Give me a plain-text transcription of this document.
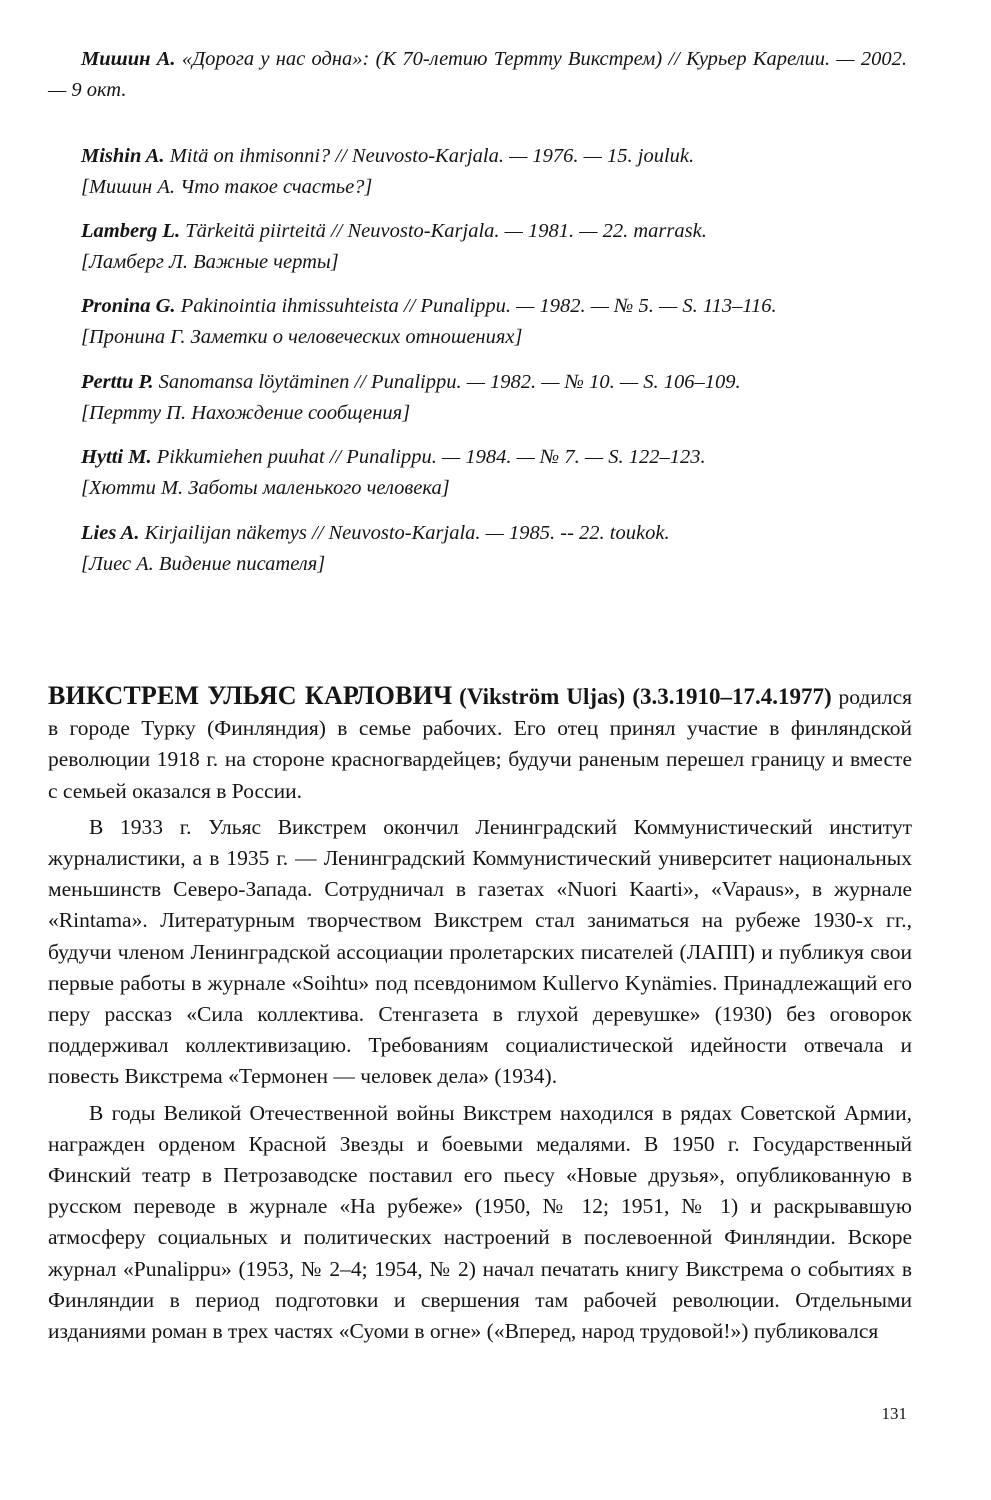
Мишин А. «Дорога у нас одна»: (К 70-летию Тертту Викстрем) // Курьер Карелии. — 2002. — 9 окт.
Mishin A. Mitä on ihmisonni? // Neuvosto-Karjala. — 1976. — 15. jouluk.
[Мишин А. Что такое счастье?]
Lamberg L. Tärkeitä piirteitä // Neuvosto-Karjala. — 1981. — 22. marrask.
[Ламберг Л. Важные черты]
Pronina G. Pakinointia ihmissuhteista // Punalippu. — 1982. — № 5. — S. 113–116.
[Пронина Г. Заметки о человеческих отношениях]
Perttu P. Sanomansa löytäminen // Punalippu. — 1982. — № 10. — S. 106–109.
[Пертту П. Нахождение сообщения]
Hytti M. Pikkumiehen puuhat // Punalippu. — 1984. — № 7. — S. 122–123.
[Хютти М. Заботы маленького человека]
Lies A. Kirjailijan näkemys // Neuvosto-Karjala. — 1985. -- 22. toukok.
[Лиес А. Видение писателя]

ВИКСТРЕМ УЛЬЯС КАРЛОВИЧ (Vikström Uljas) (3.3.1910–17.4.1977) родился в городе Турку (Финляндия) в семье рабочих. Его отец принял участие в финляндской революции 1918 г. на стороне красногвардейцев; будучи раненым перешел границу и вместе с семьей оказался в России.

В 1933 г. Ульяс Викстрем окончил Ленинградский Коммунистический институт журналистики, а в 1935 г. — Ленинградский Коммунистический университет национальных меньшинств Северо-Запада. Сотрудничал в газетах «Nuori Kaarti», «Vapaus», в журнале «Rintama». Литературным творчеством Викстрем стал заниматься на рубеже 1930-х гг., будучи членом Ленинградской ассоциации пролетарских писателей (ЛАПП) и публикуя свои первые работы в журнале «Soihtu» под псевдонимом Kullervo Kynämies. Принадлежащий его перу рассказ «Сила коллектива. Стенгазета в глухой деревушке» (1930) без оговорок поддерживал коллективизацию. Требованиям социалистической идейности отвечала и повесть Викстрема «Термонен — человек дела» (1934).

В годы Великой Отечественной войны Викстрем находился в рядах Советской Армии, награжден орденом Красной Звезды и боевыми медалями. В 1950 г. Государственный Финский театр в Петрозаводске поставил его пьесу «Новые друзья», опубликованную в русском переводе в журнале «На рубеже» (1950, № 12; 1951, № 1) и раскрывавшую атмосферу социальных и политических настроений в послевоенной Финляндии. Вскоре журнал «Punalippu» (1953, № 2–4; 1954, № 2) начал печатать книгу Викстрема о событиях в Финляндии в период подготовки и свершения там рабочей революции. Отдельными изданиями роман в трех частях «Суоми в огне» («Вперед, народ трудовой!») публиковался

131
